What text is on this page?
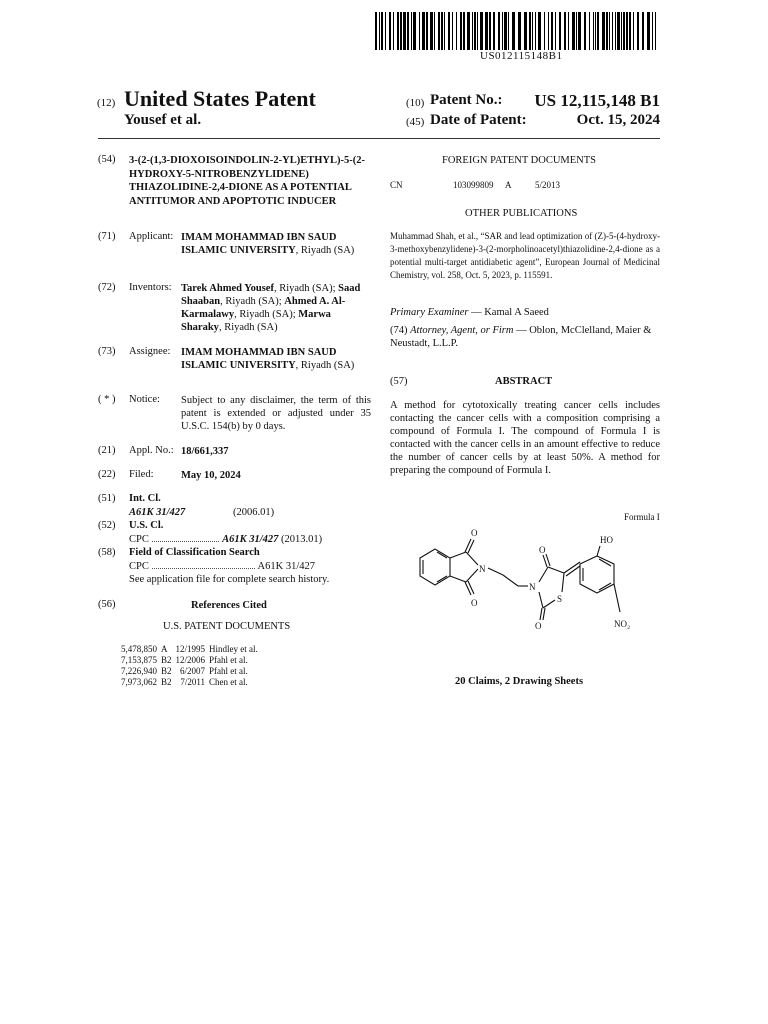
US012115148B1
(12) United States Patent
Yousef et al.
(10) Patent No.:	US 12,115,148 B1
(45) Date of Patent:	Oct. 15, 2024
(54) 3-(2-(1,3-DIOXOISOINDOLIN-2-YL)ETHYL)-5-(2-HYDROXY-5-NITROBENZYLIDENE) THIAZOLIDINE-2,4-DIONE AS A POTENTIAL ANTITUMOR AND APOPTOTIC INDUCER
(71) Applicant: IMAM MOHAMMAD IBN SAUD ISLAMIC UNIVERSITY, Riyadh (SA)
(72) Inventors: Tarek Ahmed Yousef, Riyadh (SA); Saad Shaaban, Riyadh (SA); Ahmed A. Al-Karmalawy, Riyadh (SA); Marwa Sharaky, Riyadh (SA)
(73) Assignee: IMAM MOHAMMAD IBN SAUD ISLAMIC UNIVERSITY, Riyadh (SA)
( * ) Notice: Subject to any disclaimer, the term of this patent is extended or adjusted under 35 U.S.C. 154(b) by 0 days.
(21) Appl. No.: 18/661,337
(22) Filed:	May 10, 2024
(51) Int. Cl.
A61K 31/427	(2006.01)
(52) U.S. Cl.
CPC .................................. A61K 31/427 (2013.01)
(58) Field of Classification Search
CPC .................................................... A61K 31/427
See application file for complete search history.
(56)	References Cited
U.S. PATENT DOCUMENTS
5,478,850	A	12/1995	Hindley et al.
7,153,875	B2	12/2006	Pfahl et al.
7,226,940	B2	6/2007	Pfahl et al.
7,973,062	B2	7/2011	Chen et al.
FOREIGN PATENT DOCUMENTS
CN	103099809 A	5/2013
OTHER PUBLICATIONS
Muhammad Shah, et al., “SAR and lead optimization of (Z)-5-(4-hydroxy-3-methoxybenzylidene)-3-(2-morpholinoacetyl)thiazolidine-2,4-dione as a potential multi-target antidiabetic agent”, European Journal of Medicinal Chemistry, vol. 258, Oct. 5, 2023, p. 115591.
Primary Examiner — Kamal A Saeed
(74) Attorney, Agent, or Firm — Oblon, McClelland, Maier & Neustadt, L.L.P.
(57)	ABSTRACT
A method for cytotoxically treating cancer cells includes contacting the cancer cells with a composition comprising a compound of Formula I. The compound of Formula I is contacted with the cancer cells in an amount effective to reduce the number of cancer cells by at least 50%. A method for preparing the compound of Formula I.
Formula I
O
O
N
N
O
S
O
HO
NO₂
20 Claims, 2 Drawing Sheets
